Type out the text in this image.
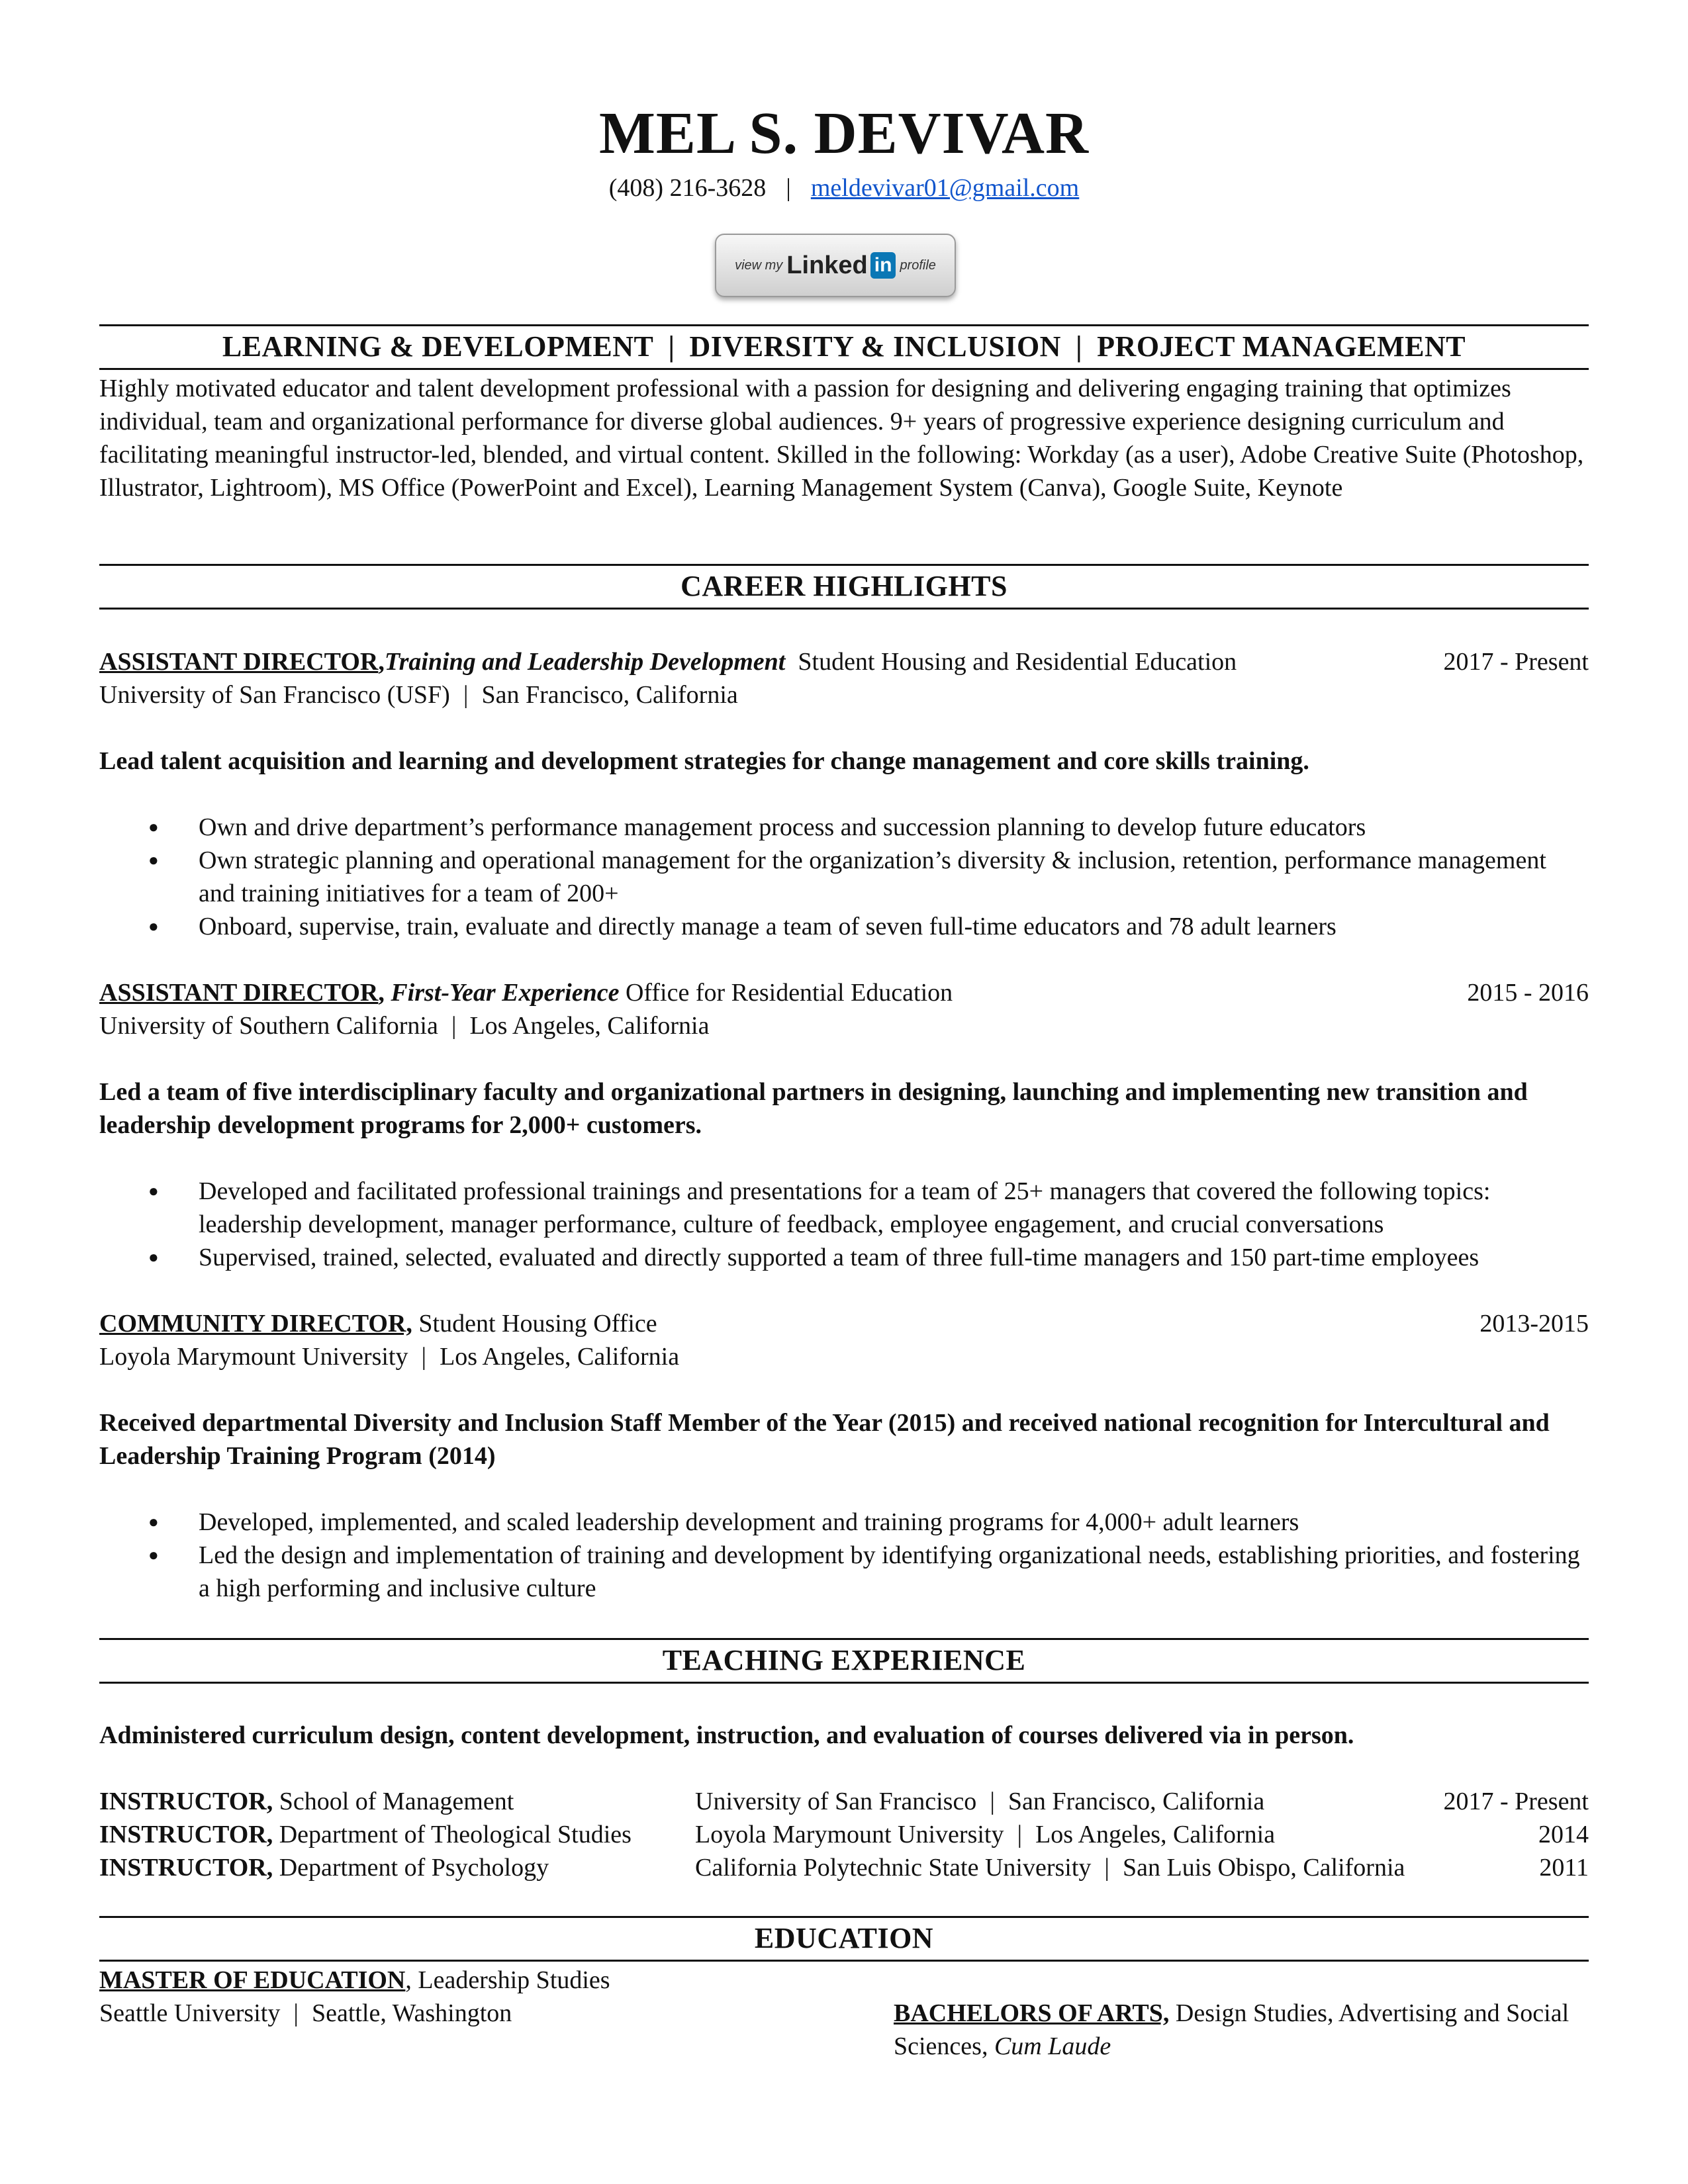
MEL S. DEVIVAR
(408) 216-3628 | meldevivar01@gmail.com
view my Linked in profile
LEARNING & DEVELOPMENT | DIVERSITY & INCLUSION | PROJECT MANAGEMENT
Highly motivated educator and talent development professional with a passion for designing and delivering engaging training that optimizes individual, team and organizational performance for diverse global audiences. 9+ years of progressive experience designing curriculum and facilitating meaningful instructor-led, blended, and virtual content. Skilled in the following: Workday (as a user), Adobe Creative Suite (Photoshop, Illustrator, Lightroom), MS Office (PowerPoint and Excel), Learning Management System (Canva), Google Suite, Keynote
CAREER HIGHLIGHTS
ASSISTANT DIRECTOR,Training and Leadership Development Student Housing and Residential Education	2017 - Present
University of San Francisco (USF) | San Francisco, California
Lead talent acquisition and learning and development strategies for change management and core skills training.
● Own and drive department’s performance management process and succession planning to develop future educators
● Own strategic planning and operational management for the organization’s diversity & inclusion, retention, performance management and training initiatives for a team of 200+
● Onboard, supervise, train, evaluate and directly manage a team of seven full-time educators and 78 adult learners
ASSISTANT DIRECTOR, First-Year Experience Office for Residential Education	2015 - 2016
University of Southern California | Los Angeles, California
Led a team of five interdisciplinary faculty and organizational partners in designing, launching and implementing new transition and leadership development programs for 2,000+ customers.
● Developed and facilitated professional trainings and presentations for a team of 25+ managers that covered the following topics: leadership development, manager performance, culture of feedback, employee engagement, and crucial conversations
● Supervised, trained, selected, evaluated and directly supported a team of three full-time managers and 150 part-time employees
COMMUNITY DIRECTOR, Student Housing Office	2013-2015
Loyola Marymount University | Los Angeles, California
Received departmental Diversity and Inclusion Staff Member of the Year (2015) and received national recognition for Intercultural and Leadership Training Program (2014)
● Developed, implemented, and scaled leadership development and training programs for 4,000+ adult learners
● Led the design and implementation of training and development by identifying organizational needs, establishing priorities, and fostering a high performing and inclusive culture
TEACHING EXPERIENCE
Administered curriculum design, content development, instruction, and evaluation of courses delivered via in person.
INSTRUCTOR, School of Management	University of San Francisco | San Francisco, California	2017 - Present
INSTRUCTOR, Department of Theological Studies	Loyola Marymount University | Los Angeles, California	2014
INSTRUCTOR, Department of Psychology	California Polytechnic State University | San Luis Obispo, California	2011
EDUCATION
MASTER OF EDUCATION, Leadership Studies
Seattle University | Seattle, Washington	BACHELORS OF ARTS, Design Studies, Advertising and Social Sciences, Cum Laude
